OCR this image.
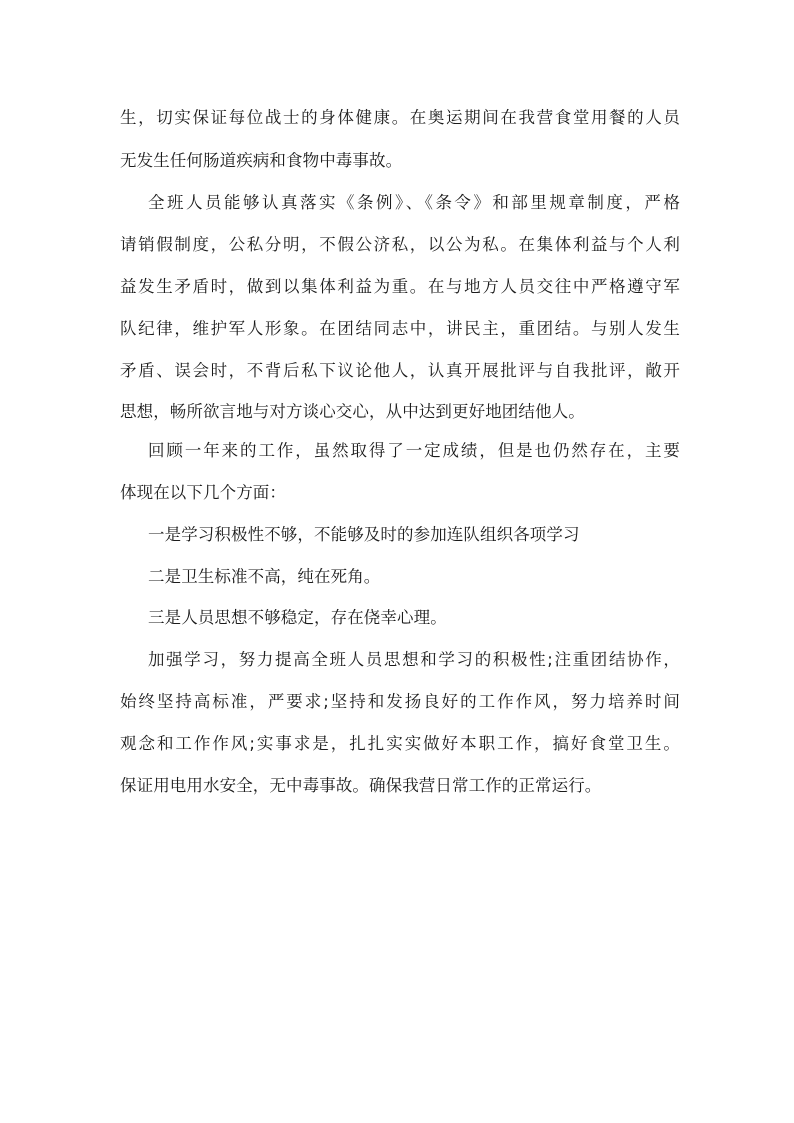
生，切实保证每位战士的身体健康。在奥运期间在我营食堂用餐的人员
无发生任何肠道疾病和食物中毒事故。
全班人员能够认真落实《条例》、《条令》和部里规章制度，严格
请销假制度，公私分明，不假公济私，以公为私。在集体利益与个人利
益发生矛盾时，做到以集体利益为重。在与地方人员交往中严格遵守军
队纪律，维护军人形象。在团结同志中，讲民主，重团结。与别人发生
矛盾、误会时，不背后私下议论他人，认真开展批评与自我批评，敞开
思想，畅所欲言地与对方谈心交心，从中达到更好地团结他人。
回顾一年来的工作，虽然取得了一定成绩，但是也仍然存在，主要
体现在以下几个方面：
一是学习积极性不够，不能够及时的参加连队组织各项学习
二是卫生标准不高，纯在死角。
三是人员思想不够稳定，存在侥幸心理。
加强学习，努力提高全班人员思想和学习的积极性;注重团结协作，
始终坚持高标准，严要求;坚持和发扬良好的工作作风，努力培养时间
观念和工作作风;实事求是，扎扎实实做好本职工作，搞好食堂卫生。
保证用电用水安全，无中毒事故。确保我营日常工作的正常运行。
